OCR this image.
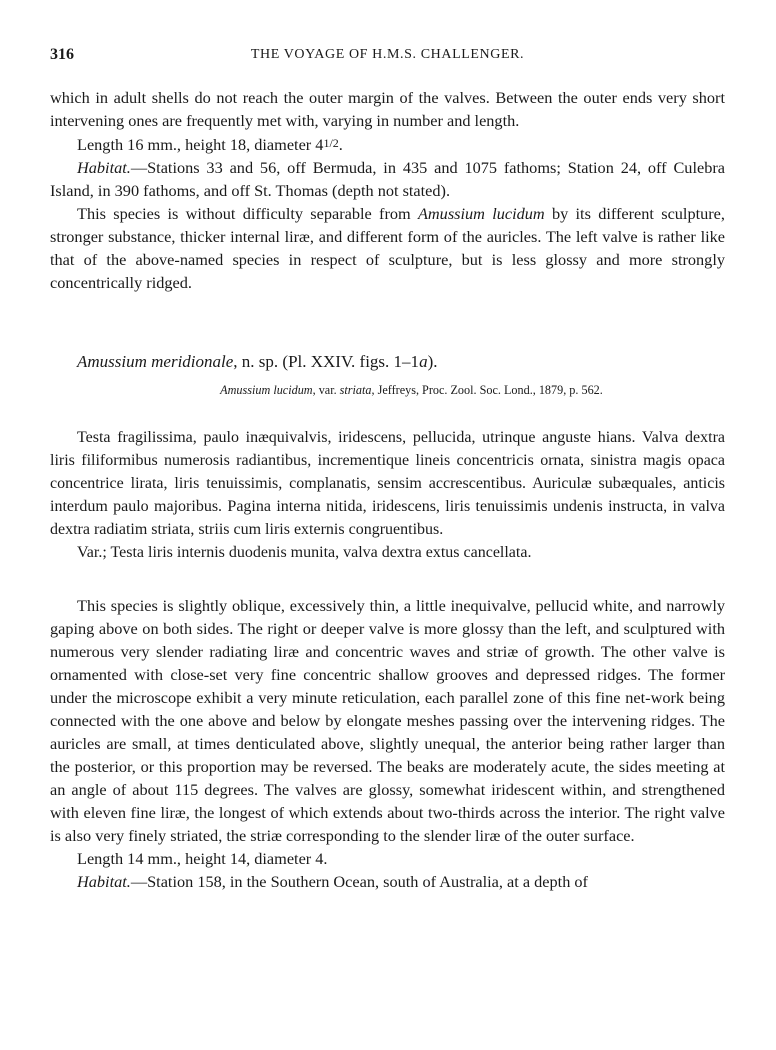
316	THE VOYAGE OF H.M.S. CHALLENGER.

which in adult shells do not reach the outer margin of the valves. Between the outer ends very short intervening ones are frequently met with, varying in number and length.

Length 16 mm., height 18, diameter 41/2.

Habitat.—Stations 33 and 56, off Bermuda, in 435 and 1075 fathoms; Station 24, off Culebra Island, in 390 fathoms, and off St. Thomas (depth not stated).

This species is without difficulty separable from Amussium lucidum by its different sculpture, stronger substance, thicker internal liræ, and different form of the auricles. The left valve is rather like that of the above-named species in respect of sculpture, but is less glossy and more strongly concentrically ridged.

Amussium meridionale, n. sp. (Pl. XXIV. figs. 1–1a).

Amussium lucidum, var. striata, Jeffreys, Proc. Zool. Soc. Lond., 1879, p. 562.

Testa fragilissima, paulo inæquivalvis, iridescens, pellucida, utrinque anguste hians. Valva dextra liris filiformibus numerosis radiantibus, incrementique lineis concentricis ornata, sinistra magis opaca concentrice lirata, liris tenuissimis, complanatis, sensim accrescentibus. Auriculæ subæquales, anticis interdum paulo majoribus. Pagina interna nitida, iridescens, liris tenuissimis undenis instructa, in valva dextra radiatim striata, striis cum liris externis congruentibus.

Var.; Testa liris internis duodenis munita, valva dextra extus cancellata.

This species is slightly oblique, excessively thin, a little inequivalve, pellucid white, and narrowly gaping above on both sides. The right or deeper valve is more glossy than the left, and sculptured with numerous very slender radiating liræ and concentric waves and striæ of growth. The other valve is ornamented with close-set very fine concentric shallow grooves and depressed ridges. The former under the microscope exhibit a very minute reticulation, each parallel zone of this fine net-work being connected with the one above and below by elongate meshes passing over the intervening ridges. The auricles are small, at times denticulated above, slightly unequal, the anterior being rather larger than the posterior, or this proportion may be reversed. The beaks are moderately acute, the sides meeting at an angle of about 115 degrees. The valves are glossy, somewhat iridescent within, and strengthened with eleven fine liræ, the longest of which extends about two-thirds across the interior. The right valve is also very finely striated, the striæ corresponding to the slender liræ of the outer surface.

Length 14 mm., height 14, diameter 4.

Habitat.—Station 158, in the Southern Ocean, south of Australia, at a depth of
